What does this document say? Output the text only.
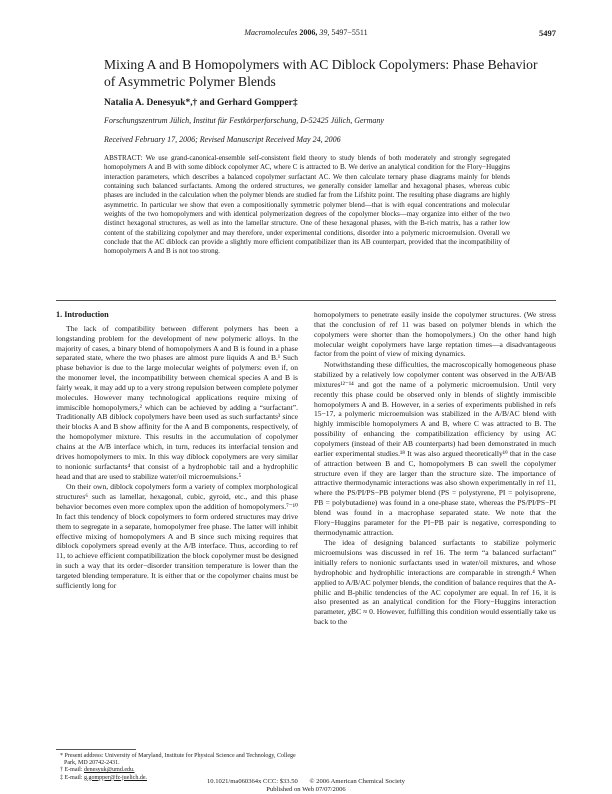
Macromolecules 2006, 39, 5497−5511	5497
Mixing A and B Homopolymers with AC Diblock Copolymers: Phase Behavior of Asymmetric Polymer Blends
Natalia A. Denesyuk*,† and Gerhard Gompper‡
Forschungszentrum Jülich, Institut für Festkörperforschung, D-52425 Jülich, Germany
Received February 17, 2006; Revised Manuscript Received May 24, 2006
ABSTRACT: We use grand-canonical-ensemble self-consistent field theory to study blends of both moderately and strongly segregated homopolymers A and B with some diblock copolymer AC, where C is attracted to B. We derive an analytical condition for the Flory−Huggins interaction parameters, which describes a balanced copolymer surfactant AC. We then calculate ternary phase diagrams mainly for blends containing such balanced surfactants. Among the ordered structures, we generally consider lamellar and hexagonal phases, whereas cubic phases are included in the calculation when the polymer blends are studied far from the Lifshitz point. The resulting phase diagrams are highly asymmetric. In particular we show that even a compositionally symmetric polymer blend—that is with equal concentrations and molecular weights of the two homopolymers and with identical polymerization degrees of the copolymer blocks—may organize into either of the two distinct hexagonal structures, as well as into the lamellar structure. One of these hexagonal phases, with the B-rich matrix, has a rather low content of the stabilizing copolymer and may therefore, under experimental conditions, disorder into a polymeric microemulsion. Overall we conclude that the AC diblock can provide a slightly more efficient compatibilizer than its AB counterpart, provided that the incompatibility of homopolymers A and B is not too strong.
1. Introduction

The lack of compatibility between different polymers has been a longstanding problem for the development of new polymeric alloys. In the majority of cases, a binary blend of homopolymers A and B is found in a phase separated state, where the two phases are almost pure liquids A and B.¹ Such phase behavior is due to the large molecular weights of polymers: even if, on the monomer level, the incompatibility between chemical species A and B is fairly weak, it may add up to a very strong repulsion between complete polymer molecules. However many technological applications require mixing of immiscible homopolymers,² which can be achieved by adding a “surfactant”. Traditionally AB diblock copolymers have been used as such surfactants³ since their blocks A and B show affinity for the A and B components, respectively, of the homopolymer mixture. This results in the accumulation of copolymer chains at the A/B interface which, in turn, reduces its interfacial tension and drives homopolymers to mix. In this way diblock copolymers are very similar to nonionic surfactants⁴ that consist of a hydrophobic tail and a hydrophilic head and that are used to stabilize water/oil microemulsions.⁵

On their own, diblock copolymers form a variety of complex morphological structures⁶ such as lamellar, hexagonal, cubic, gyroid, etc., and this phase behavior becomes even more complex upon the addition of homopolymers.⁷⁻¹⁰ In fact this tendency of block copolymers to form ordered structures may drive them to segregate in a separate, homopolymer free phase. The latter will inhibit effective mixing of homopolymers A and B since such mixing requires that diblock copolymers spread evenly at the A/B interface. Thus, according to ref 11, to achieve efficient compatibilization the block copolymer must be designed in such a way that its order−disorder transition temperature is lower than the targeted blending temperature. It is either that or the copolymer chains must be sufficiently long for

homopolymers to penetrate easily inside the copolymer structures. (We stress that the conclusion of ref 11 was based on polymer blends in which the copolymers were shorter than the homopolymers.) On the other hand high molecular weight copolymers have large reptation times—a disadvantageous factor from the point of view of mixing dynamics.

Notwithstanding these difficulties, the macroscopically homogeneous phase stabilized by a relatively low copolymer content was observed in the A/B/AB mixtures¹²⁻¹⁴ and got the name of a polymeric microemulsion. Until very recently this phase could be observed only in blends of slightly immiscible homopolymers A and B. However, in a series of experiments published in refs 15−17, a polymeric microemulsion was stabilized in the A/B/AC blend with highly immiscible homopolymers A and B, where C was attracted to B. The possibility of enhancing the compatibilization efficiency by using AC copolymers (instead of their AB counterparts) had been demonstrated in much earlier experimental studies.¹⁸ It was also argued theoretically¹⁹ that in the case of attraction between B and C, homopolymers B can swell the copolymer structure even if they are larger than the structure size. The importance of attractive thermodynamic interactions was also shown experimentally in ref 11, where the PS/PI/PS−PB polymer blend (PS = polystyrene, PI = polyisoprene, PB = polybutadiene) was found in a one-phase state, whereas the PS/PI/PS−PI blend was found in a macrophase separated state. We note that the Flory−Huggins parameter for the PI−PB pair is negative, corresponding to thermodynamic attraction.

The idea of designing balanced surfactants to stabilize polymeric microemulsions was discussed in ref 16. The term “a balanced surfactant” initially refers to nonionic surfactants used in water/oil mixtures, and whose hydrophobic and hydrophilic interactions are comparable in strength.⁴ When applied to A/B/AC polymer blends, the condition of balance requires that the A-philic and B-philic tendencies of the AC copolymer are equal. In ref 16, it is also presented as an analytical condition for the Flory−Huggins interaction parameter, χBC ≈ 0. However, fulfilling this condition would essentially take us back to the

* Present address: University of Maryland, Institute for Physical Science and Technology, College Park, MD 20742-2431.
† E-mail: denesyuk@umd.edu.
‡ E-mail: g.gompper@fz-juelich.de.
10.1021/ma060364x CCC: $33.50 © 2006 American Chemical Society
Published on Web 07/07/2006
